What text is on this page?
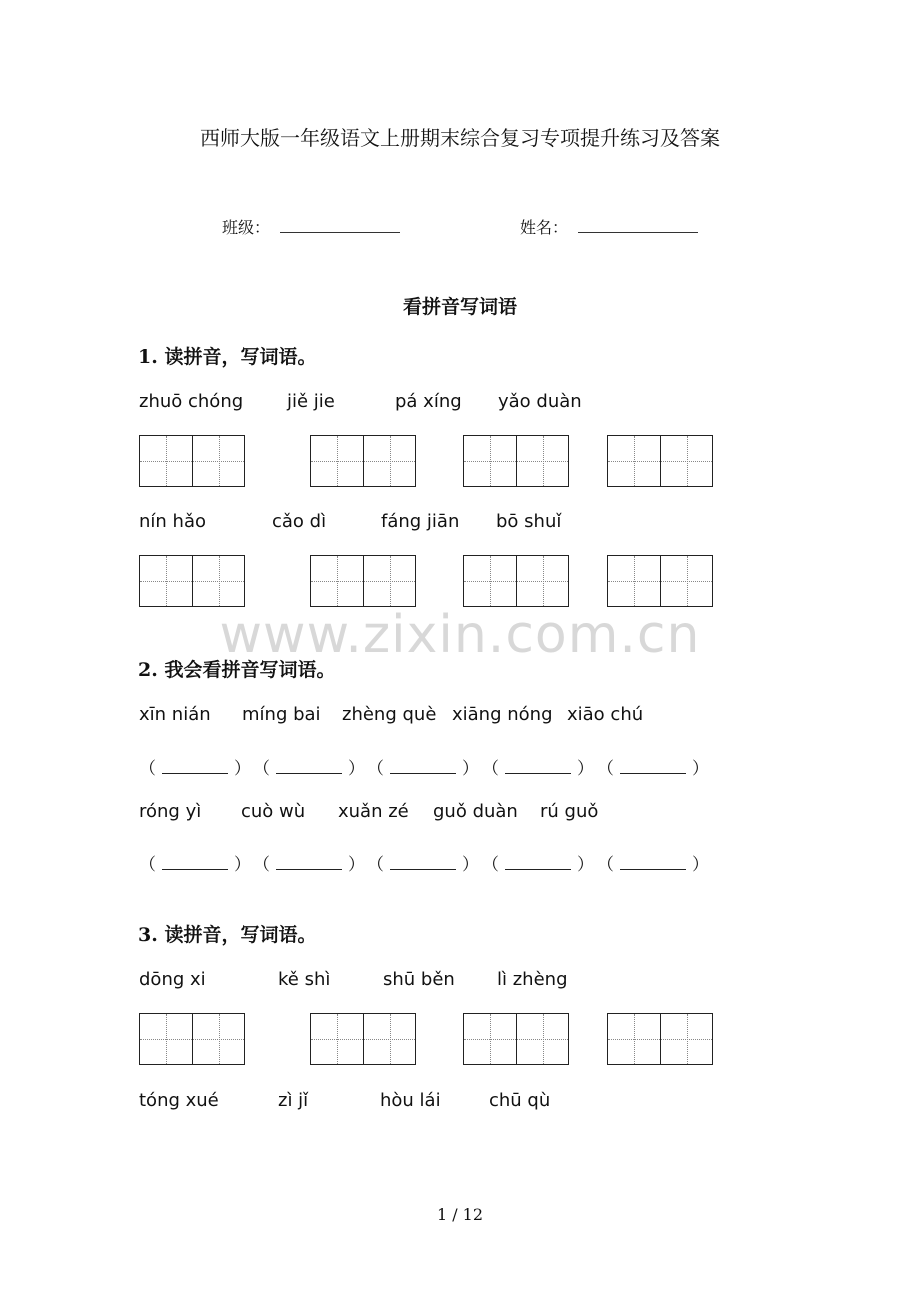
西师大版一年级语文上册期末综合复习专项提升练习及答案
班级：	姓名：
看拼音写词语
1. 读拼音，写词语。
zhuō chóng jiě jie	pá xíng yǎo duàn
nín hǎo	cǎo dì	fáng jiān bō shuǐ
www.zixin.com.cn
2. 我会看拼音写词语。
xīn nián míng bai zhèng què xiāng nóng xiāo chú
（	） （	） （	） （	） （	）
róng yì cuò wù xuǎn zé guǒ duàn rú guǒ
（	） （	） （	） （	） （	）
3. 读拼音，写词语。
dōng xi	kě shì	shū běn lì zhèng
tóng xué	zì jǐ	hòu lái	chū qù
1 / 12
